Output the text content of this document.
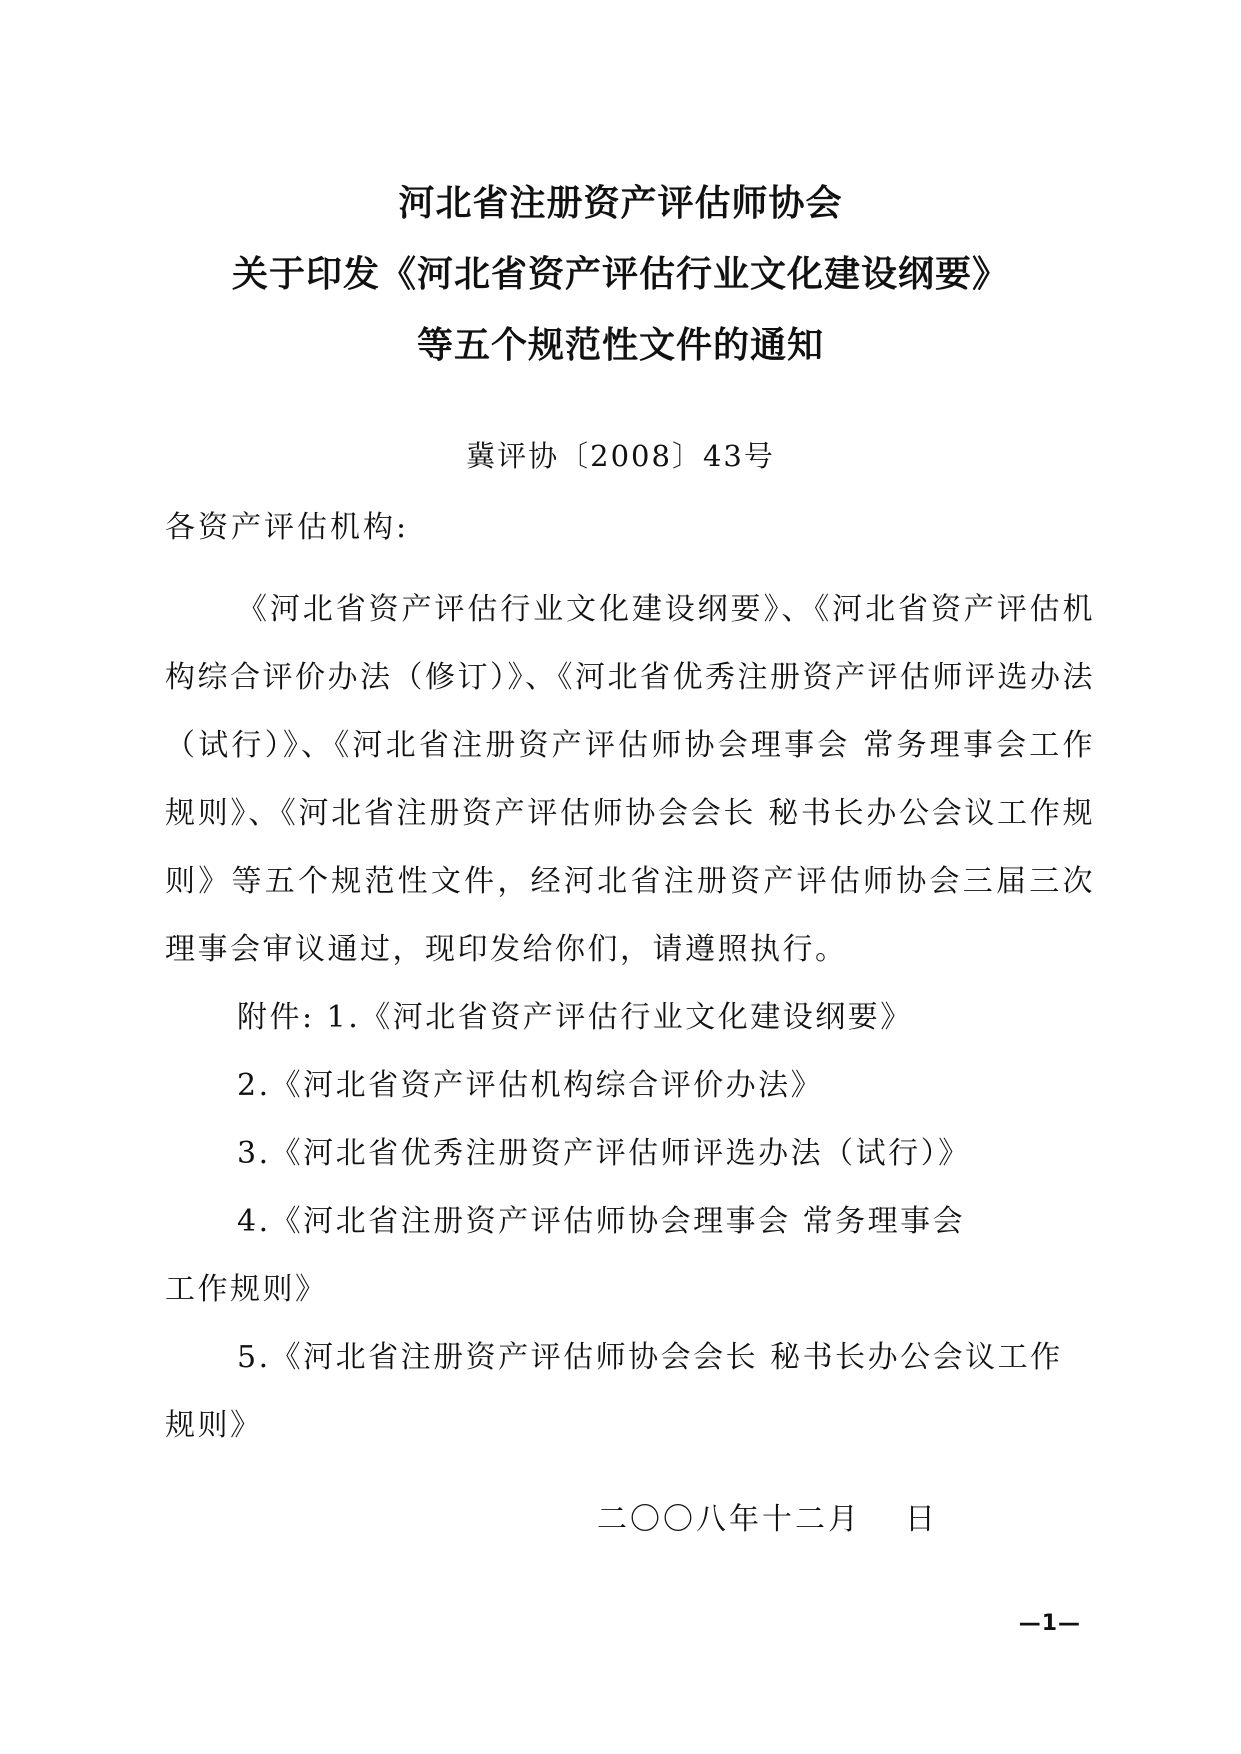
河北省注册资产评估师协会
关于印发《河北省资产评估行业文化建设纲要》
等五个规范性文件的通知
冀评协〔2008〕43号
各资产评估机构:

《河北省资产评估行业文化建设纲要》、《河北省资产评估机构综合评价办法（修订）》、《河北省优秀注册资产评估师评选办法（试行）》、《河北省注册资产评估师协会理事会 常务理事会工作规则》、《河北省注册资产评估师协会会长 秘书长办公会议工作规则》等五个规范性文件，经河北省注册资产评估师协会三届三次理事会审议通过，现印发给你们，请遵照执行。

附件: 1.《河北省资产评估行业文化建设纲要》
2.《河北省资产评估机构综合评价办法》
3.《河北省优秀注册资产评估师评选办法（试行）》
4.《河北省注册资产评估师协会理事会 常务理事会
工作规则》
5.《河北省注册资产评估师协会会长 秘书长办公会议工作规则》
二〇〇八年十二月 日
—1—
